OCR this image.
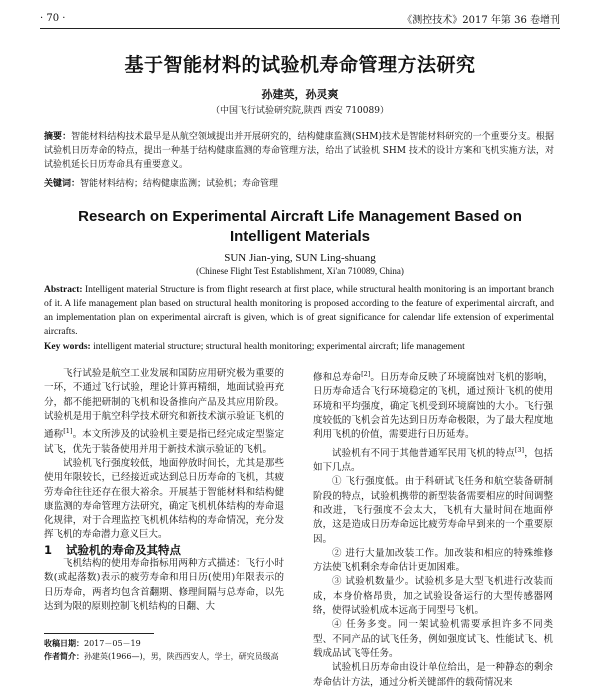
· 70 ·	《测控技术》2017 年第 36 卷增刊
基于智能材料的试验机寿命管理方法研究
孙建英，孙灵爽
（中国飞行试验研究院,陕西 西安 710089）
摘要：智能材料结构技术最早是从航空领域提出并开展研究的，结构健康监测(SHM)技术是智能材料研究的一个重要分支。根据试验机日历寿命的特点，提出一种基于结构健康监测的寿命管理方法，给出了试验机 SHM 技术的设计方案和飞机实施方法，对试验机延长日历寿命具有重要意义。
关键词：智能材料结构；结构健康监测；试验机；寿命管理
Research on Experimental Aircraft Life Management Based on Intelligent Materials
SUN Jian-ying, SUN Ling-shuang
(Chinese Flight Test Establishment, Xi'an 710089, China)
Abstract: Intelligent material Structure is from flight research at first place, while structural health monitoring is an important branch of it. A life management plan based on structural health monitoring is proposed according to the feature of experimental aircraft, and an implementation plan on experimental aircraft is given, which is of great significance for calendar life extension of experimental aircrafts.
Key words: intelligent material structure; structural health monitoring; experimental aircraft; life management

飞行试验是航空工业发展和国防应用研究极为重要的一环，不通过飞行试验，理论计算再精细，地面试验再充分，都不能把研制的飞机和设备推向产品及其应用阶段。试验机是用于航空科学技术研究和新技术演示验证飞机的通称[1]。本文所涉及的试验机主要是指已经完成定型鉴定试飞，优先于装备使用并用于新技术演示验证的飞机。

试验机飞行强度较低，地面停放时间长，尤其是那些使用年限较长，已经接近或达到总日历寿命的飞机，其疲劳寿命往往还存在很大裕余。开展基于智能材料和结构健康监测的寿命管理方法研究，确定飞机机体结构的寿命退化规律，对于合理监控飞机机体结构的寿命情况，充分发挥飞机的寿命潜力意义巨大。

1 试验机的寿命及其特点

飞机结构的使用寿命指标用两种方式描述：飞行小时数(或起落数)表示的疲劳寿命和用日历(使用)年限表示的日历寿命，两者均包含首翻期、修理间隔与总寿命，以先达到为限的原则控制飞机结构的日翻、大

修和总寿命[2]。日历寿命反映了环境腐蚀对飞机的影响，日历寿命适合飞行环境稳定的飞机，通过预计飞机的使用环境和平均强度，确定飞机受到环境腐蚀的大小。飞行强度较低的飞机会首先达到日历寿命极限，为了最大程度地利用飞机的价值，需要进行日历延寿。

试验机有不同于其他普通军民用飞机的特点[3]，包括如下几点。

① 飞行强度低。由于科研试飞任务和航空装备研制阶段的特点，试验机携带的新型装备需要相应的时间调整和改进，飞行强度不会太大，飞机有大量时间在地面停放，这是造成日历寿命远比疲劳寿命早到来的一个重要原因。

② 进行大量加改装工作。加改装和相应的特殊维修方法使飞机剩余寿命估计更加困难。

③ 试验机数量少。试验机多是大型飞机进行改装而成，本身价格昂贵，加之试验设备运行的大型传感器网络，使得试验机成本远高于同型号飞机。

④ 任务多变。同一架试验机需要承担许多不同类型、不同产品的试飞任务，例如强度试飞、性能试飞、机载成品试飞等任务。

试验机日历寿命由设计单位给出，是一种静态的剩余寿命估计方法，通过分析关键部件的载荷情况来

收稿日期：2017－05－19
作者简介：孙建英(1966—)，男，陕西西安人，学士，研究员级高
